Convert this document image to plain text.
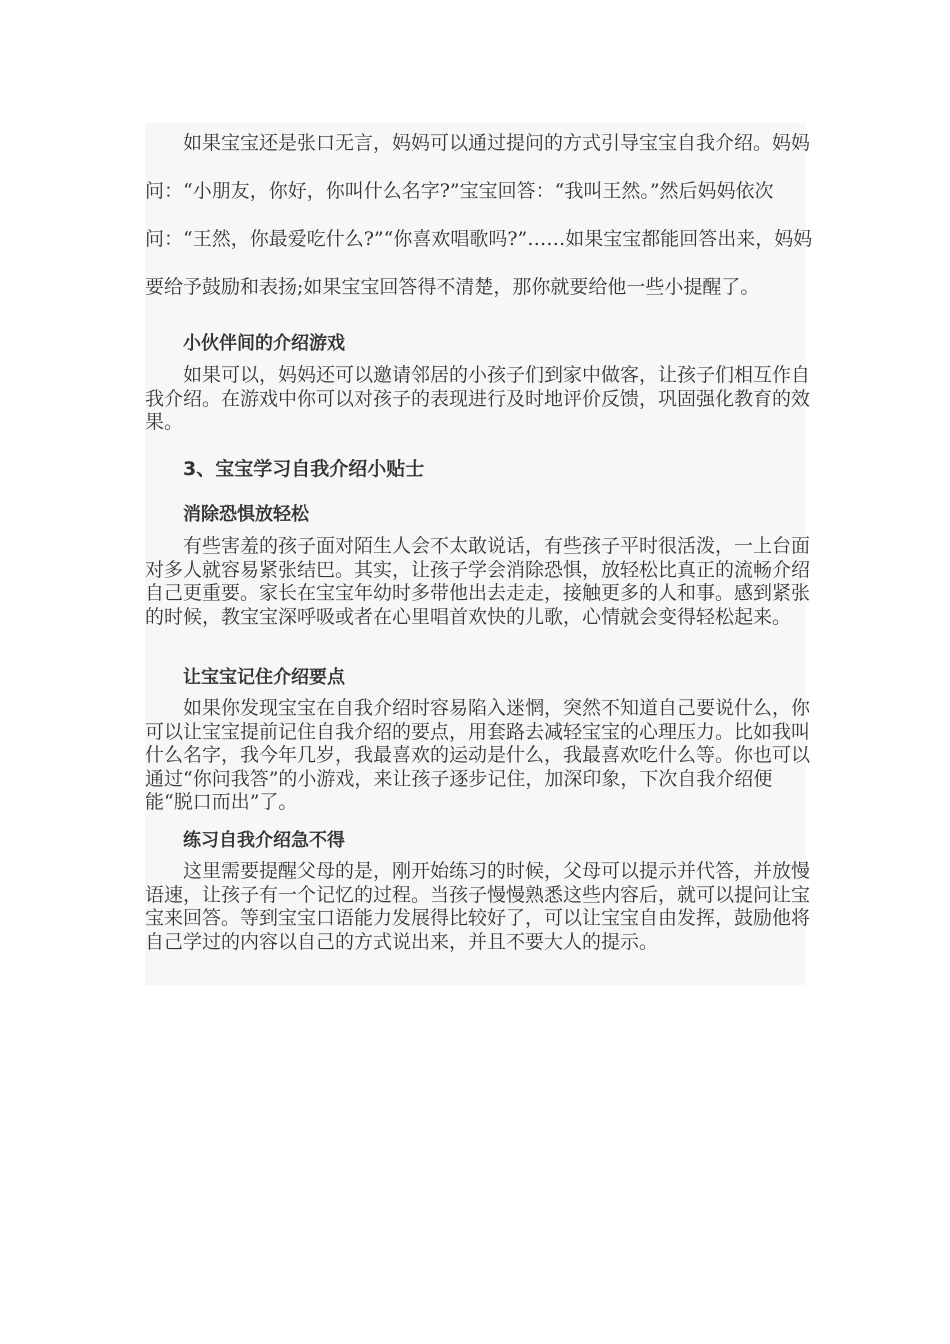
如果宝宝还是张口无言，妈妈可以通过提问的方式引导宝宝自我介绍。妈妈问：“小朋友，你好，你叫什么名字?”宝宝回答：“我叫王然。”然后妈妈依次问：“王然，你最爱吃什么?”“你喜欢唱歌吗?”……如果宝宝都能回答出来，妈妈要给予鼓励和表扬;如果宝宝回答得不清楚，那你就要给他一些小提醒了。

小伙伴间的介绍游戏

如果可以，妈妈还可以邀请邻居的小孩子们到家中做客，让孩子们相互作自我介绍。在游戏中你可以对孩子的表现进行及时地评价反馈，巩固强化教育的效果。

3、宝宝学习自我介绍小贴士
消除恐惧放轻松

有些害羞的孩子面对陌生人会不太敢说话，有些孩子平时很活泼，一上台面对多人就容易紧张结巴。其实，让孩子学会消除恐惧，放轻松比真正的流畅介绍自己更重要。家长在宝宝年幼时多带他出去走走，接触更多的人和事。感到紧张的时候，教宝宝深呼吸或者在心里唱首欢快的儿歌，心情就会变得轻松起来。

让宝宝记住介绍要点

如果你发现宝宝在自我介绍时容易陷入迷惘，突然不知道自己要说什么，你可以让宝宝提前记住自我介绍的要点，用套路去减轻宝宝的心理压力。比如我叫什么名字，我今年几岁，我最喜欢的运动是什么，我最喜欢吃什么等。你也可以通过“你问我答”的小游戏，来让孩子逐步记住，加深印象，下次自我介绍便能“脱口而出”了。

练习自我介绍急不得

这里需要提醒父母的是，刚开始练习的时候，父母可以提示并代答，并放慢语速，让孩子有一个记忆的过程。当孩子慢慢熟悉这些内容后，就可以提问让宝宝来回答。等到宝宝口语能力发展得比较好了，可以让宝宝自由发挥，鼓励他将自己学过的内容以自己的方式说出来，并且不要大人的提示。
